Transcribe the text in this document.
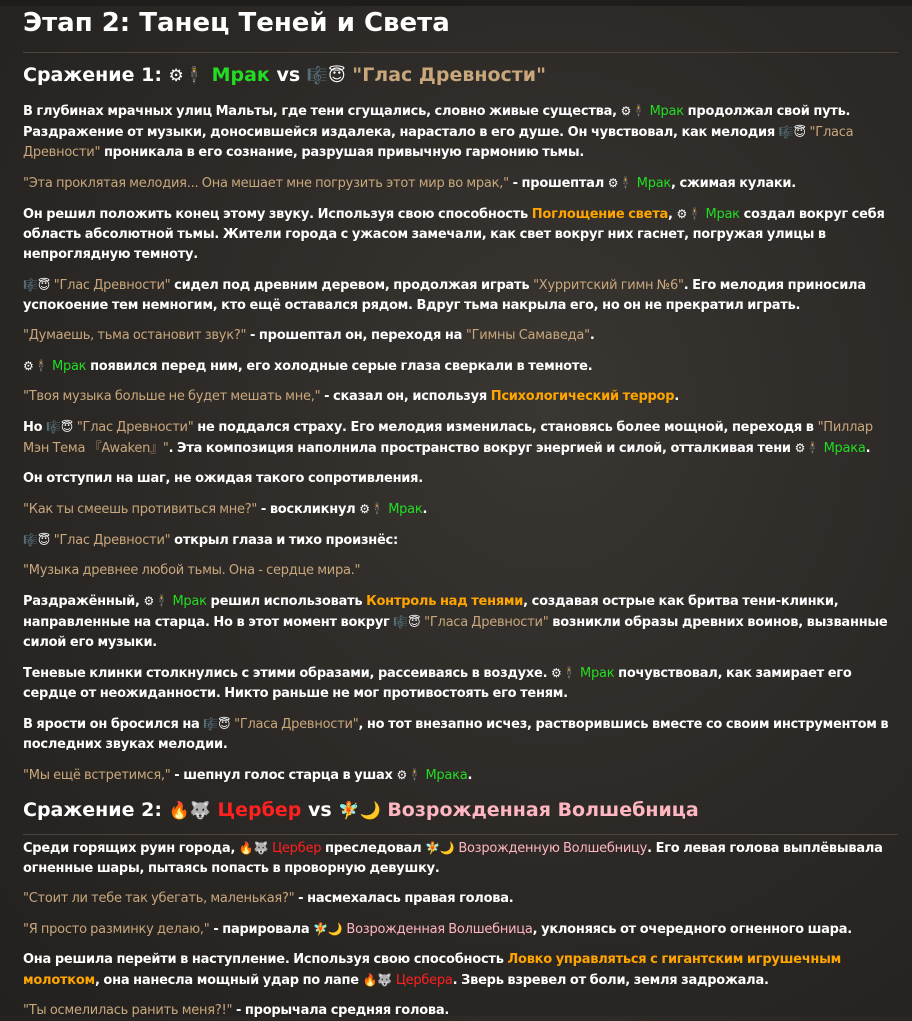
Этап 2: Танец Теней и Света
Сражение 1: ⚙🕴 Мрак vs 🎼😇 "Глас Древности"

В глубинах мрачных улиц Мальты, где тени сгущались, словно живые существа, ⚙🕴 Мрак продолжал свой путь. Раздражение от музыки, доносившейся издалека, нарастало в его душе. Он чувствовал, как мелодия 🎼😇 "Гласа Древности" проникала в его сознание, разрушая привычную гармонию тьмы.

"Эта проклятая мелодия... Она мешает мне погрузить этот мир во мрак," - прошептал ⚙🕴 Мрак, сжимая кулаки.

Он решил положить конец этому звуку. Используя свою способность Поглощение света, ⚙🕴 Мрак создал вокруг себя область абсолютной тьмы. Жители города с ужасом замечали, как свет вокруг них гаснет, погружая улицы в непроглядную темноту.

🎼😇 "Глас Древности" сидел под древним деревом, продолжая играть "Хурритский гимн №6". Его мелодия приносила успокоение тем немногим, кто ещё оставался рядом. Вдруг тьма накрыла его, но он не прекратил играть.

"Думаешь, тьма остановит звук?" - прошептал он, переходя на "Гимны Самаведа".

⚙🕴 Мрак появился перед ним, его холодные серые глаза сверкали в темноте.

"Твоя музыка больше не будет мешать мне," - сказал он, используя Психологический террор.

Но 🎼😇 "Глас Древности" не поддался страху. Его мелодия изменилась, становясь более мощной, переходя в "Пиллар Мэн Тема 『Awaken』". Эта композиция наполнила пространство вокруг энергией и силой, отталкивая тени ⚙🕴 Мрака.

Он отступил на шаг, не ожидая такого сопротивления.

"Как ты смеешь противиться мне?" - воскликнул ⚙🕴 Мрак.

🎼😇 "Глас Древности" открыл глаза и тихо произнёс:

"Музыка древнее любой тьмы. Она - сердце мира."

Раздражённый, ⚙🕴 Мрак решил использовать Контроль над тенями, создавая острые как бритва тени-клинки, направленные на старца. Но в этот момент вокруг 🎼😇 "Гласа Древности" возникли образы древних воинов, вызванные силой его музыки.

Теневые клинки столкнулись с этими образами, рассеиваясь в воздухе. ⚙🕴 Мрак почувствовал, как замирает его сердце от неожиданности. Никто раньше не мог противостоять его теням.

В ярости он бросился на 🎼😇 "Гласа Древности", но тот внезапно исчез, растворившись вместе со своим инструментом в последних звуках мелодии.

"Мы ещё встретимся," - шепнул голос старца в ушах ⚙🕴 Мрака.

Сражение 2: 🔥🐺 Цербер vs 🧚🌙 Возрожденная Волшебница

Среди горящих руин города, 🔥🐺 Цербер преследовал 🧚🌙 Возрожденную Волшебницу. Его левая голова выплёвывала огненные шары, пытаясь попасть в проворную девушку.

"Стоит ли тебе так убегать, маленькая?" - насмехалась правая голова.

"Я просто разминку делаю," - парировала 🧚🌙 Возрожденная Волшебница, уклоняясь от очередного огненного шара.

Она решила перейти в наступление. Используя свою способность Ловко управляться с гигантским игрушечным молотком, она нанесла мощный удар по лапе 🔥🐺 Цербера. Зверь взревел от боли, земля задрожала.

"Ты осмелилась ранить меня?!" - прорычала средняя голова.
